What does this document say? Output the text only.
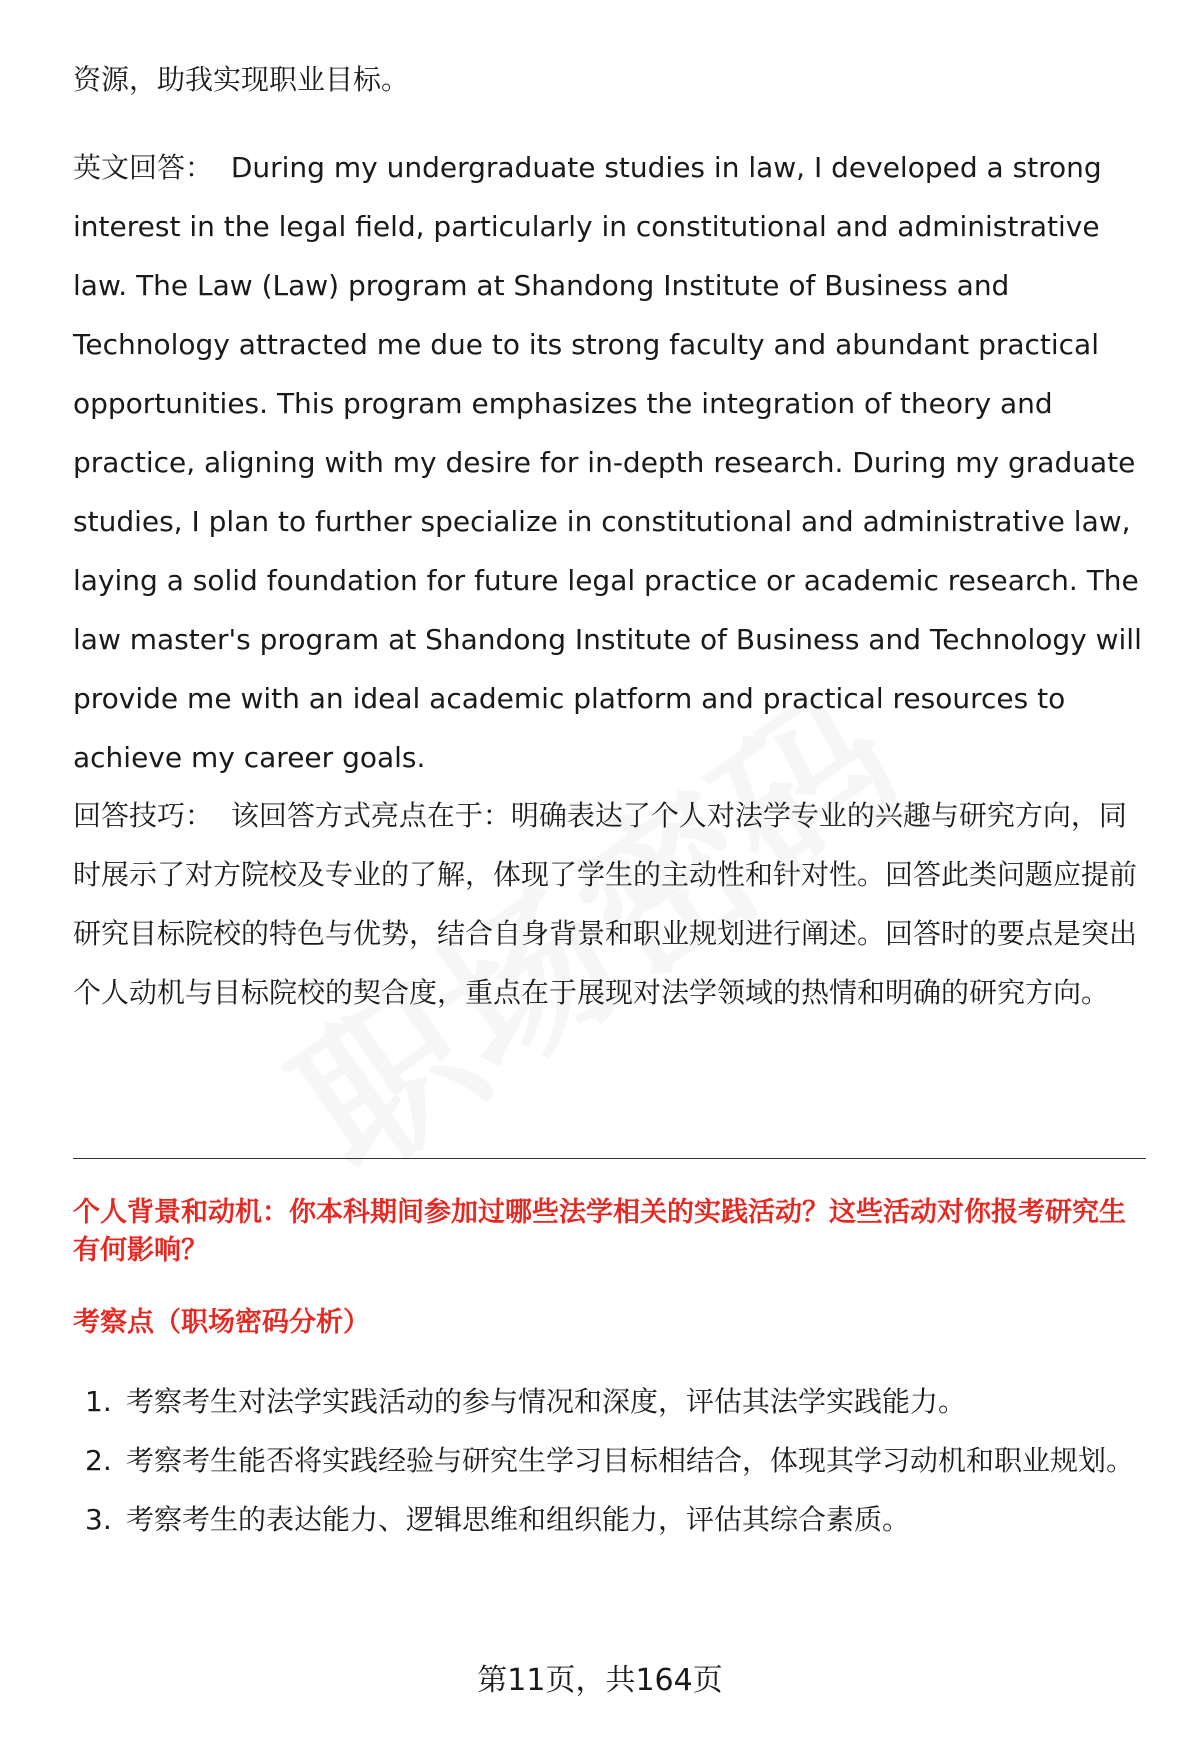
资源，助我实现职业目标。

英文回答： During my undergraduate studies in law, I developed a strong interest in the legal field, particularly in constitutional and administrative law. The Law (Law) program at Shandong Institute of Business and Technology attracted me due to its strong faculty and abundant practical opportunities. This program emphasizes the integration of theory and practice, aligning with my desire for in-depth research. During my graduate studies, I plan to further specialize in constitutional and administrative law, laying a solid foundation for future legal practice or academic research. The law master's program at Shandong Institute of Business and Technology will provide me with an ideal academic platform and practical resources to achieve my career goals.

回答技巧： 该回答方式亮点在于：明确表达了个人对法学专业的兴趣与研究方向，同时展示了对方院校及专业的了解，体现了学生的主动性和针对性。回答此类问题应提前研究目标院校的特色与优势，结合自身背景和职业规划进行阐述。回答时的要点是突出个人动机与目标院校的契合度，重点在于展现对法学领域的热情和明确的研究方向。

个人背景和动机：你本科期间参加过哪些法学相关的实践活动？这些活动对你报考研究生有何影响？

考察点（职场密码分析）

1. 考察考生对法学实践活动的参与情况和深度，评估其法学实践能力。
2. 考察考生能否将实践经验与研究生学习目标相结合，体现其学习动机和职业规划。
3. 考察考生的表达能力、逻辑思维和组织能力，评估其综合素质。
第11页，共164页
